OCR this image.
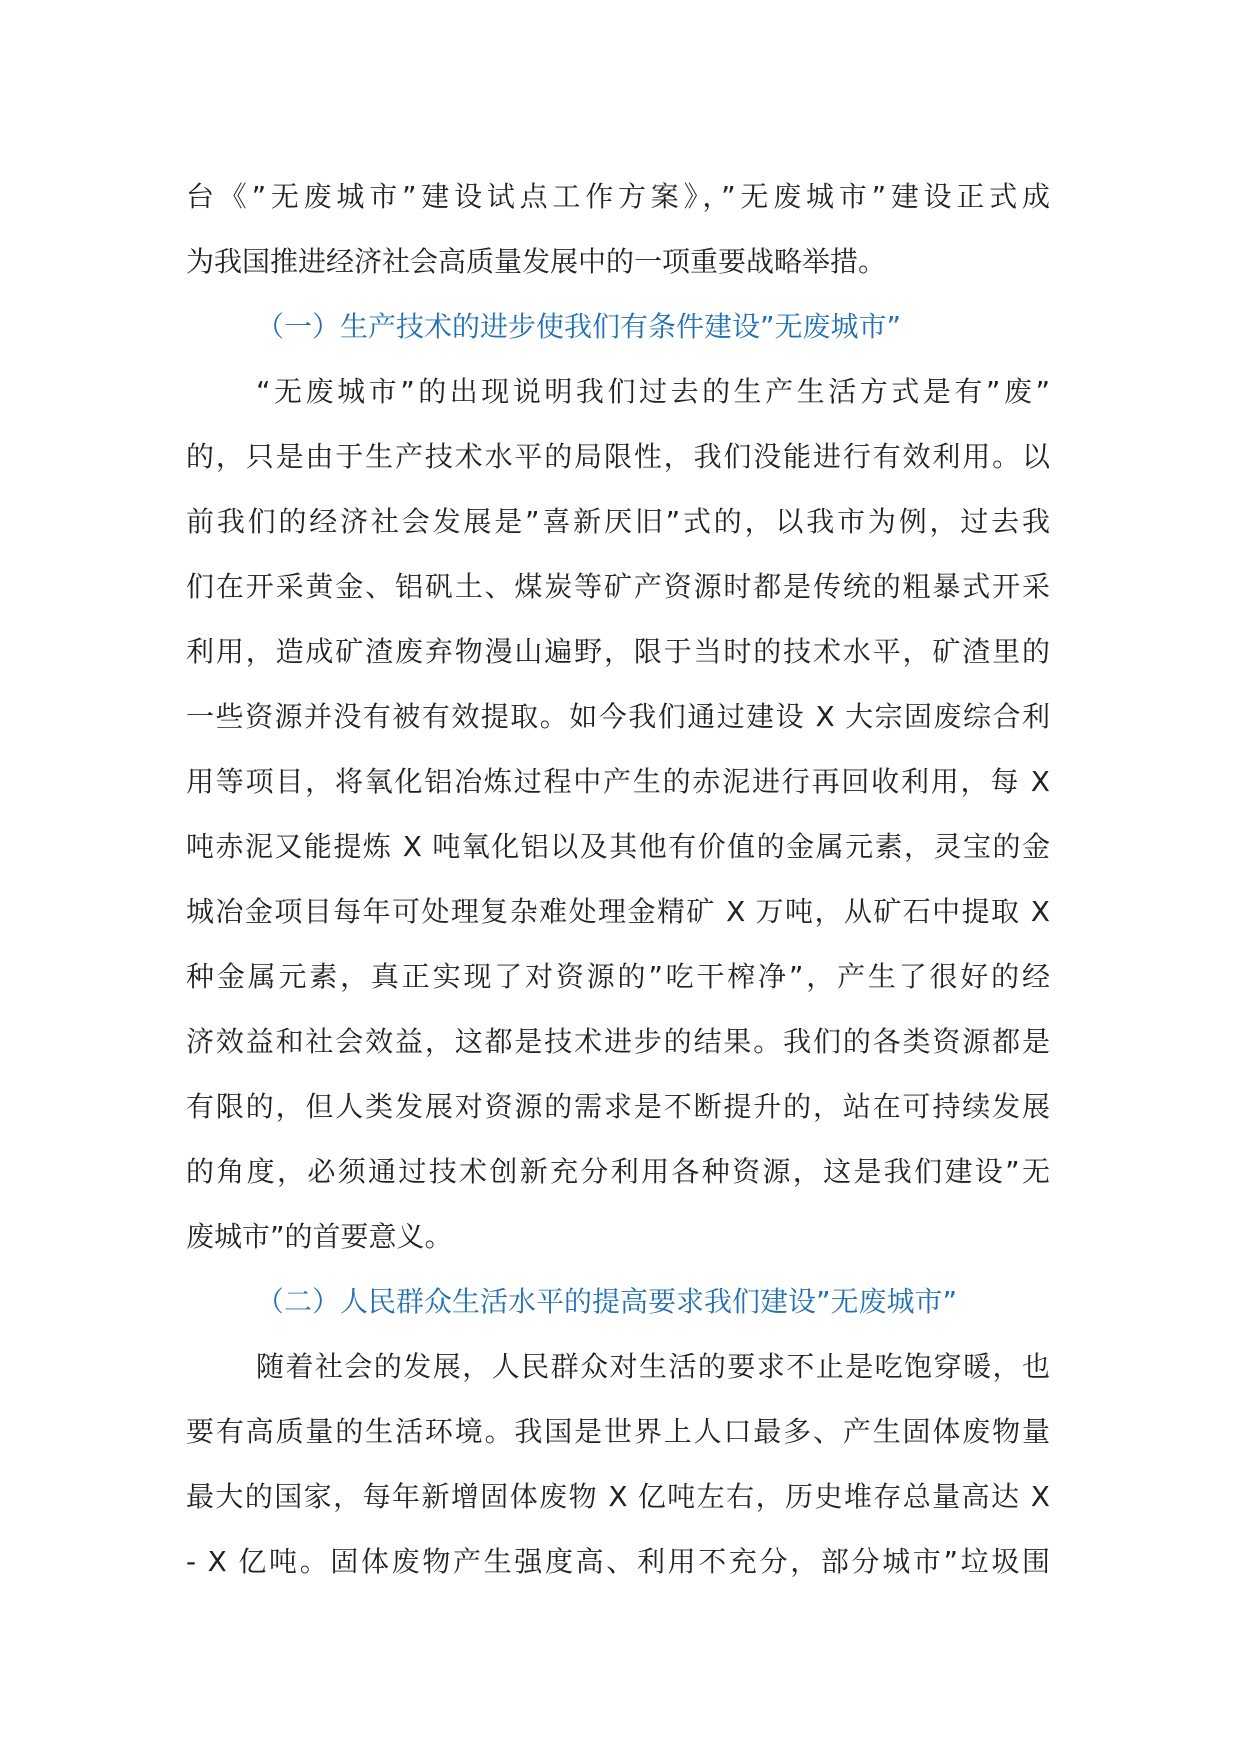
台《”无废城市”建设试点工作方案》，”无废城市”建设正式成
为我国推进经济社会高质量发展中的一项重要战略举措。
（一）生产技术的进步使我们有条件建设”无废城市”
“无废城市”的出现说明我们过去的生产生活方式是有”废”
的，只是由于生产技术水平的局限性，我们没能进行有效利用。以
前我们的经济社会发展是”喜新厌旧”式的，以我市为例，过去我
们在开采黄金、铝矾土、煤炭等矿产资源时都是传统的粗暴式开采
利用，造成矿渣废弃物漫山遍野，限于当时的技术水平，矿渣里的
一些资源并没有被有效提取。如今我们通过建设 X 大宗固废综合利
用等项目，将氧化铝冶炼过程中产生的赤泥进行再回收利用，每 X
吨赤泥又能提炼 X 吨氧化铝以及其他有价值的金属元素，灵宝的金
城冶金项目每年可处理复杂难处理金精矿 X 万吨，从矿石中提取 X
种金属元素，真正实现了对资源的”吃干榨净”，产生了很好的经
济效益和社会效益，这都是技术进步的结果。我们的各类资源都是
有限的，但人类发展对资源的需求是不断提升的，站在可持续发展
的角度，必须通过技术创新充分利用各种资源，这是我们建设”无
废城市”的首要意义。
（二）人民群众生活水平的提高要求我们建设”无废城市”
随着社会的发展，人民群众对生活的要求不止是吃饱穿暖，也
要有高质量的生活环境。我国是世界上人口最多、产生固体废物量
最大的国家，每年新增固体废物 X 亿吨左右，历史堆存总量高达 X
- X 亿吨。固体废物产生强度高、利用不充分，部分城市”垃圾围
